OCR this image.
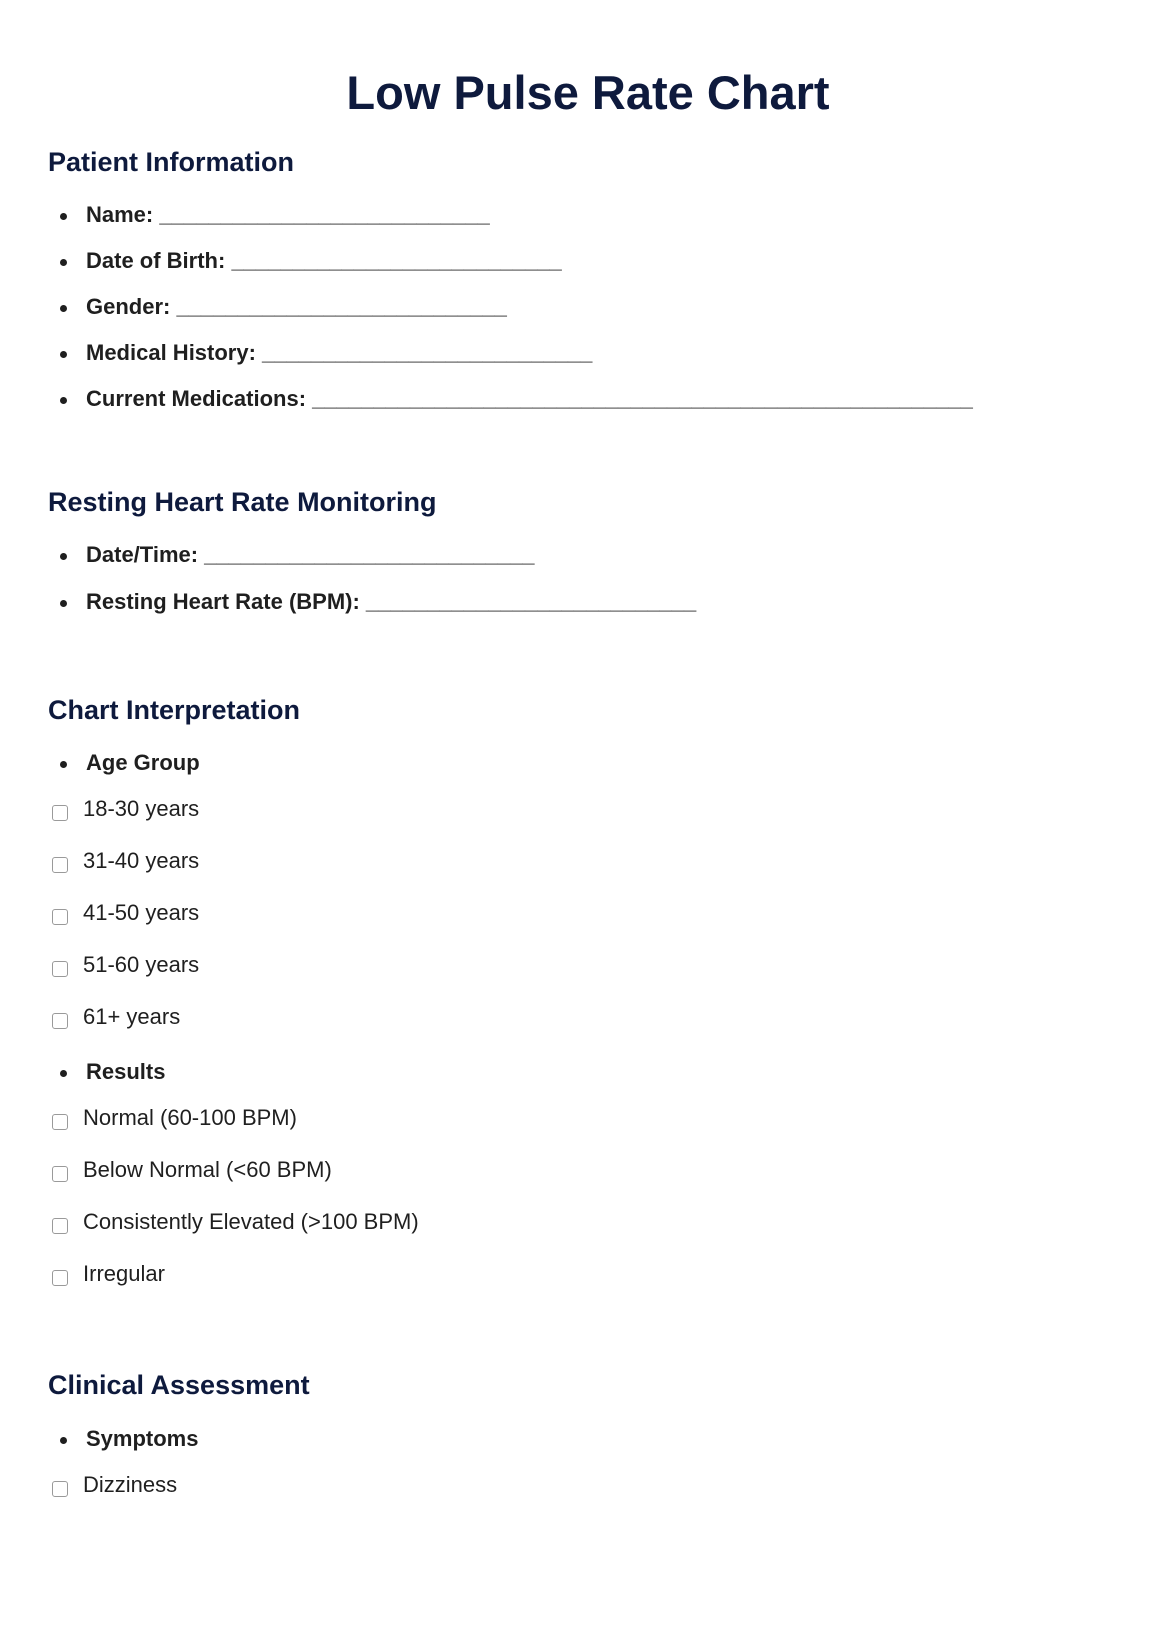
Low Pulse Rate Chart
Patient Information
Name: ___________________________
Date of Birth: ___________________________
Gender: ___________________________
Medical History: ___________________________
Current Medications: ______________________________________________________
Resting Heart Rate Monitoring
Date/Time: ___________________________
Resting Heart Rate (BPM): ___________________________
Chart Interpretation
Age Group
18-30 years
31-40 years
41-50 years
51-60 years
61+ years
Results
Normal (60-100 BPM)
Below Normal (<60 BPM)
Consistently Elevated (>100 BPM)
Irregular
Clinical Assessment
Symptoms
Dizziness
